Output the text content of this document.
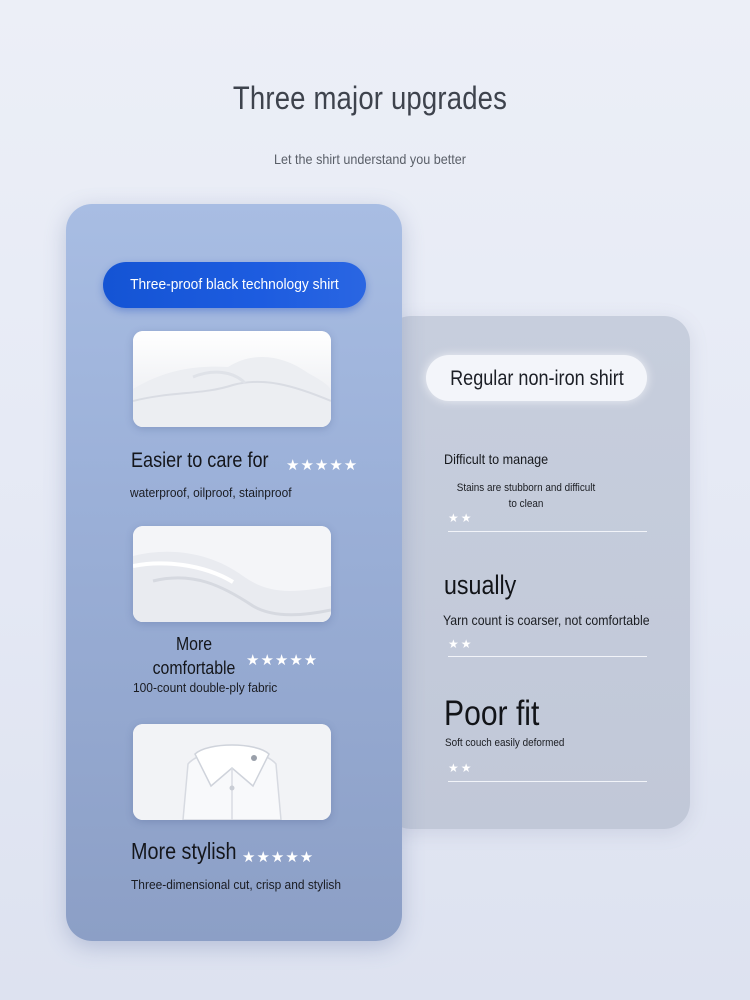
Three major upgrades
Let the shirt understand you better
Three-proof black technology shirt
Easier to care for ★★★★★
waterproof, oilproof, stainproof
More comfortable ★★★★★
100-count double-ply fabric
More stylish ★★★★★
Three-dimensional cut, crisp and stylish
Regular non-iron shirt
Difficult to manage
Stains are stubborn and difficult to clean
★★
usually
Yarn count is coarser, not comfortable
★★
Poor fit
Soft couch easily deformed
★★
